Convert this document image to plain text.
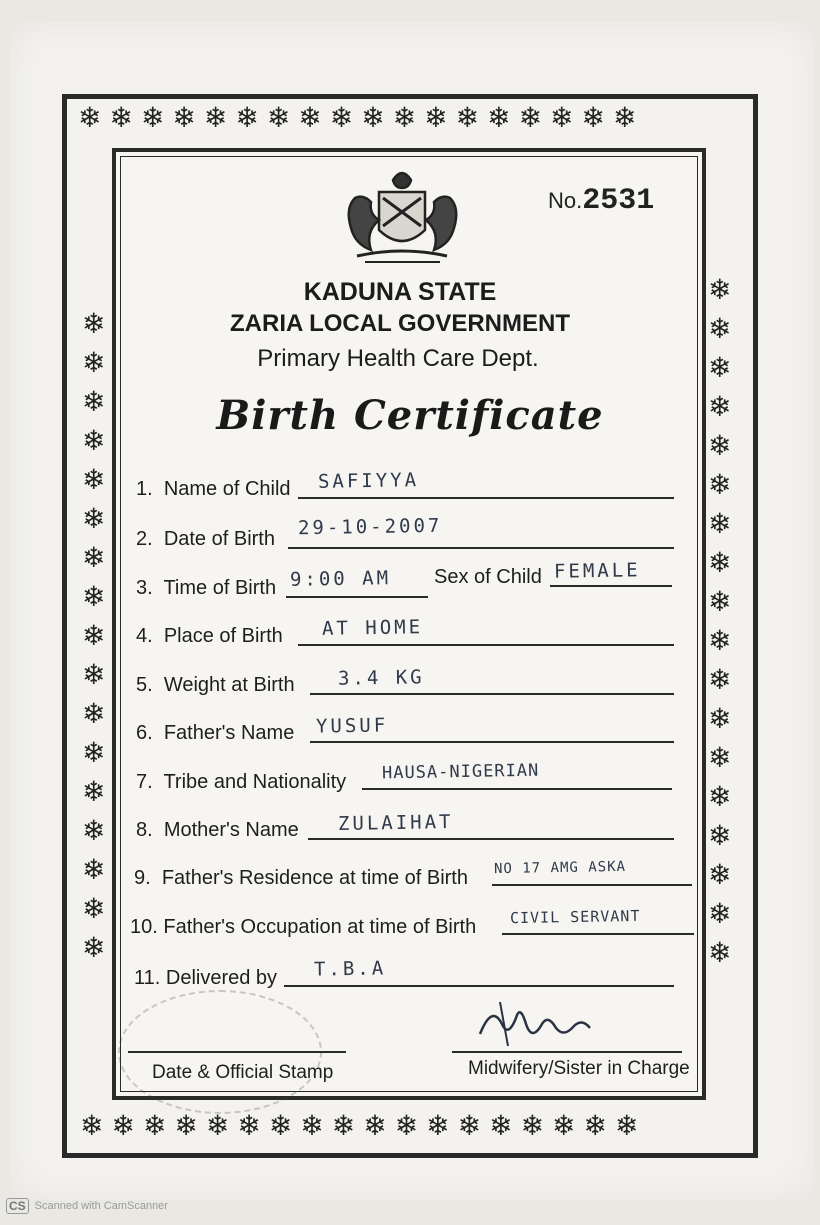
❄ ❄ ❄ ❄ ❄ ❄ ❄ ❄ ❄ ❄ ❄ ❄ ❄ ❄ ❄ ❄ ❄ ❄
❄ ❄ ❄ ❄ ❄ ❄ ❄ ❄ ❄ ❄ ❄ ❄ ❄ ❄ ❄ ❄ ❄ ❄
❄
❄
❄
❄
❄
❄
❄
❄
❄
❄
❄
❄
❄
❄
❄
❄
❄
❄
❄
❄
❄
❄
❄
❄
❄
❄
❄
❄
❄
❄
❄
❄
❄
❄
❄
No.2531
KADUNA STATE
ZARIA LOCAL GOVERNMENT
Primary Health Care Dept.
Birth Certificate
1. Name of Child SAFIYYA
2. Date of Birth 29-10-2007
3. Time of Birth 9:00 AM Sex of Child FEMALE
4. Place of Birth AT HOME
5. Weight at Birth 3.4 KG
6. Father's Name YUSUF
7. Tribe and Nationality HAUSA-NIGERIAN
8. Mother's Name ZULAIHAT
9. Father's Residence at time of Birth NO 17 AMG ASKA
10. Father's Occupation at time of Birth CIVIL SERVANT
11. Delivered by T.B.A
Date & Official Stamp	Midwifery/Sister in Charge
CS Scanned with CamScanner
